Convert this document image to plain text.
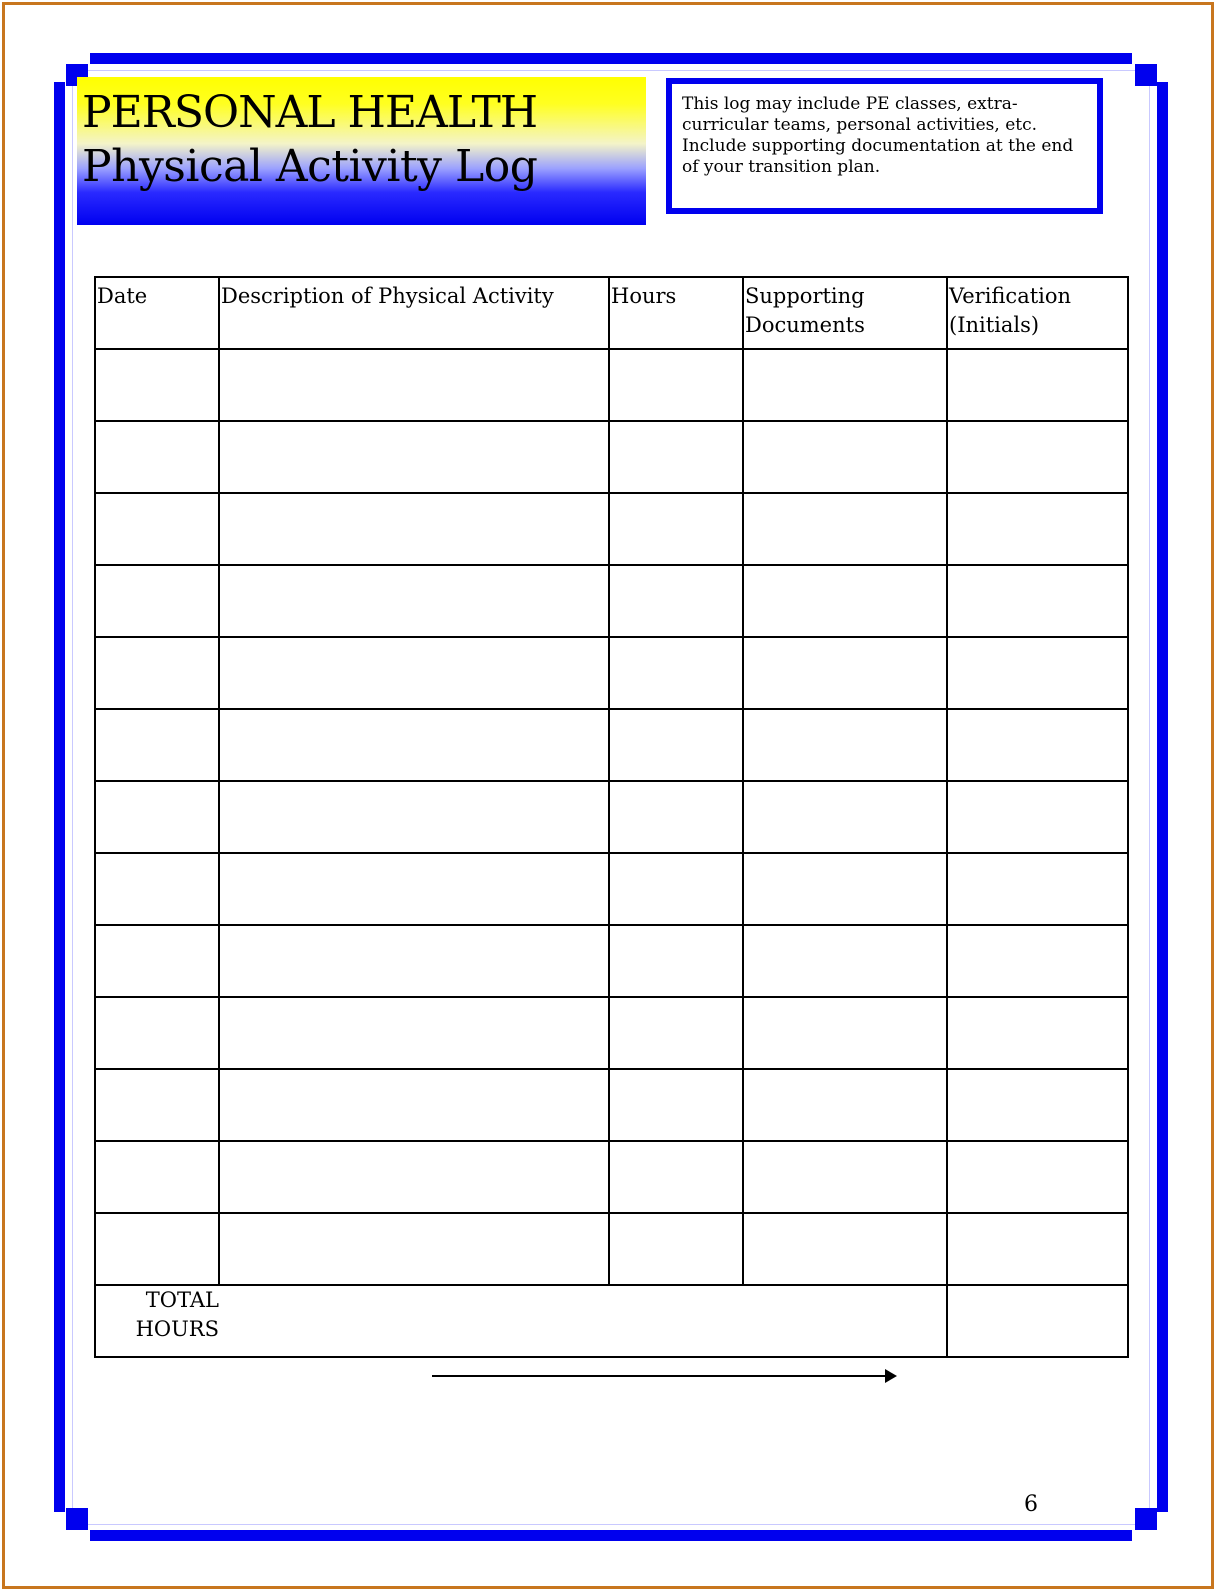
PERSONAL HEALTH
Physical Activity Log
This log may include PE classes, extra-curricular teams, personal activities, etc. Include supporting documentation at the end of your transition plan.
Date	Description of Physical Activity	Hours	Supporting Documents	Verification (Initials)

TOTAL HOURS				
6
